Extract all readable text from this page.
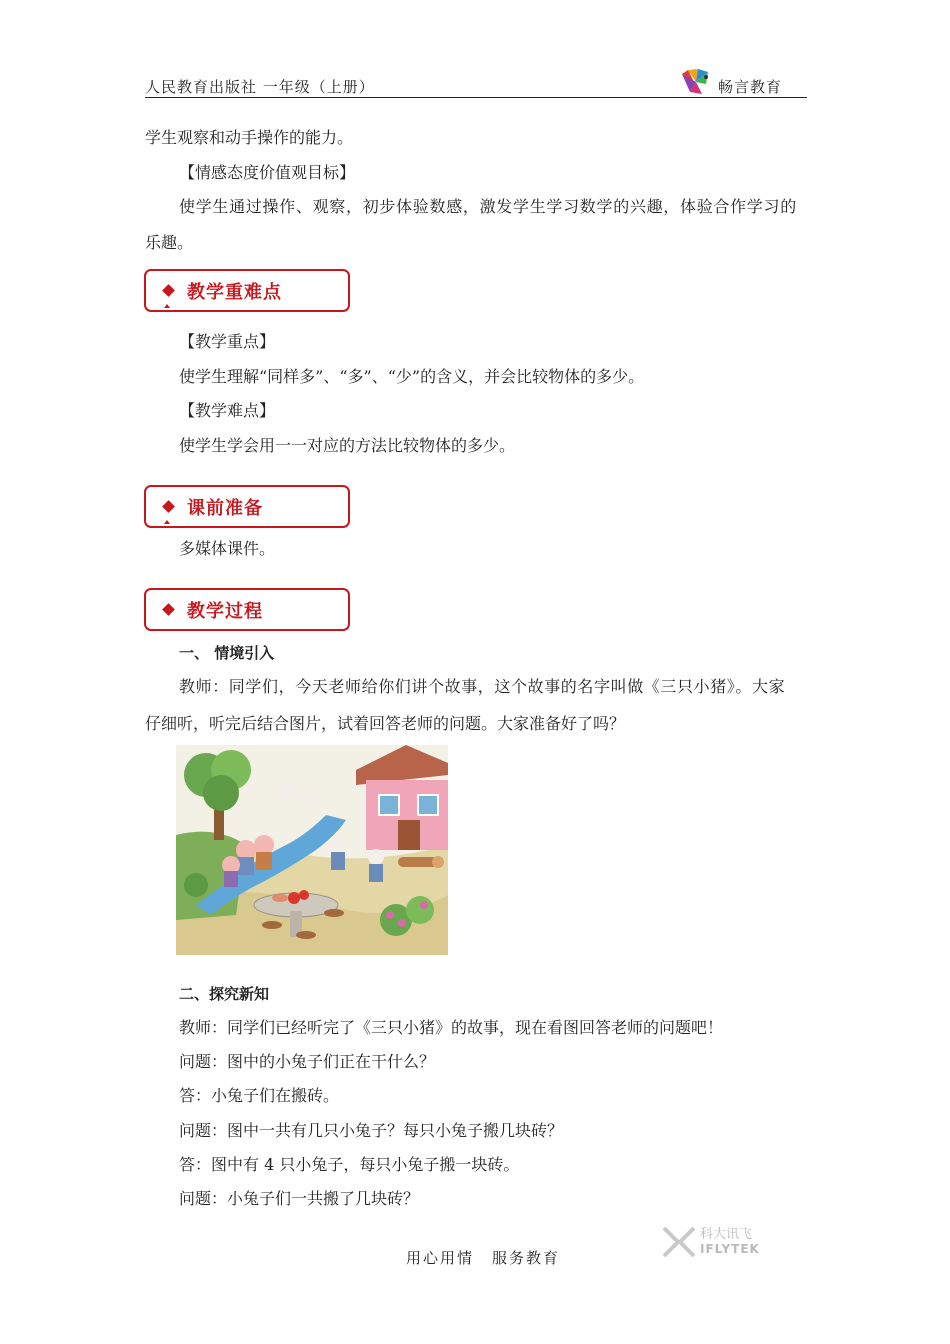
人民教育出版社 一年级（上册）	畅言教育
学生观察和动手操作的能力。
【情感态度价值观目标】
使学生通过操作、观察，初步体验数感，激发学生学习数学的兴趣，体验合作学习的
乐趣。
教学重难点
【教学重点】
使学生理解“同样多”、“多”、“少”的含义，并会比较物体的多少。
【教学难点】
使学生学会用一一对应的方法比较物体的多少。
课前准备
多媒体课件。
教学过程
一、 情境引入
教师：同学们，今天老师给你们讲个故事，这个故事的名字叫做《三只小猪》。大家
仔细听，听完后结合图片，试着回答老师的问题。大家准备好了吗？
二、探究新知
教师：同学们已经听完了《三只小猪》的故事，现在看图回答老师的问题吧！
问题：图中的小兔子们正在干什么？
答：小兔子们在搬砖。
问题：图中一共有几只小兔子？每只小兔子搬几块砖？
答：图中有 4 只小兔子，每只小兔子搬一块砖。
问题：小兔子们一共搬了几块砖？
用心用情 服务教育
科大讯飞
IFLYTEK
